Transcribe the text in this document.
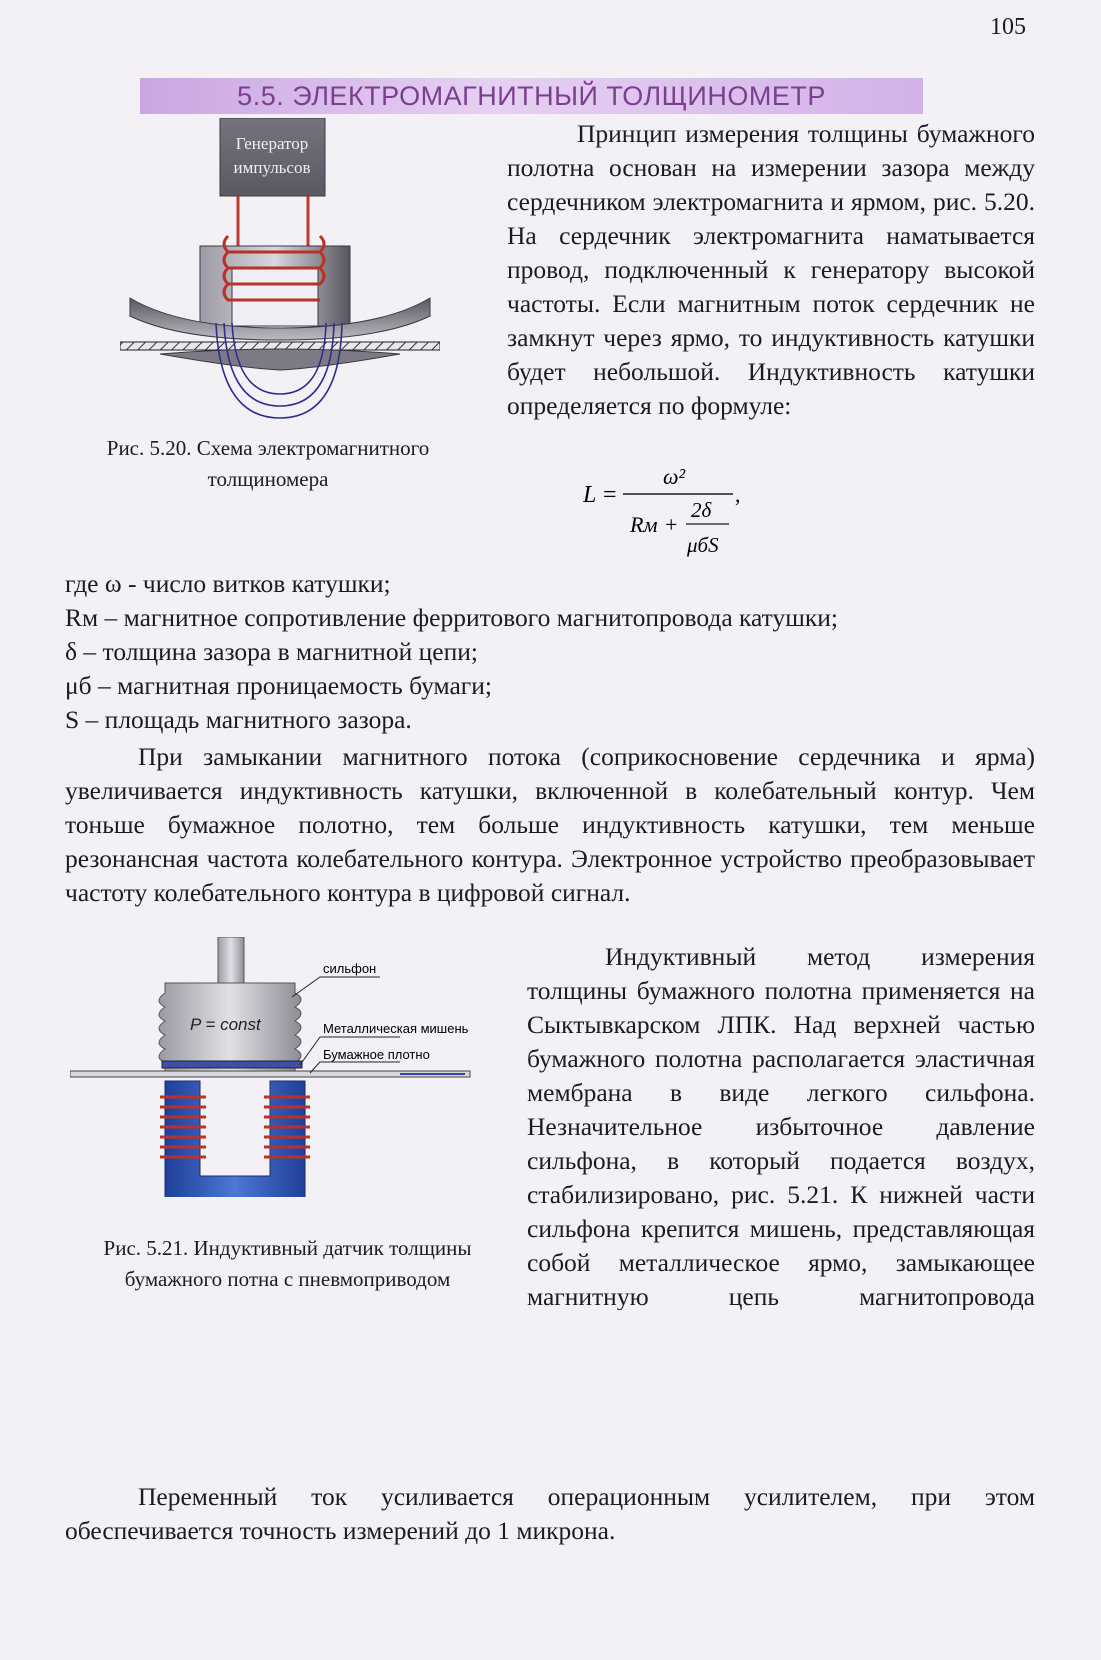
105
5.5. ЭЛЕКТРОМАГНИТНЫЙ ТОЛЩИНОМЕТР
Генератор
импульсов
Рис. 5.20. Схема электромагнитного
толщиномера

Принцип измерения толщины бумажного полотна основан на измерении зазора между сердечником электромагнита и ярмом, рис. 5.20. На сердечник электромагнита наматывается провод, подключенный к генератору высокой частоты. Если магнитным поток сердечник не замкнут через ярмо, то индуктивность катушки будет небольшой. Индуктивность катушки определяется по формуле:

L =
ω²
,
Rм +
2δ
μбS
где ω - число витков катушки;
Rм – магнитное сопротивление ферритового магнитопровода катушки;
δ – толщина зазора в магнитной цепи;
μб – магнитная проницаемость бумаги;
S – площадь магнитного зазора.

При замыкании магнитного потока (соприкосновение сердечника и ярма) увеличивается индуктивность катушки, включенной в колебательный контур. Чем тоньше бумажное полотно, тем больше индуктивность катушки, тем меньше резонансная частота колебательного контура. Электронное устройство преобразовывает частоту колебательного контура в цифровой сигнал.

P = const
сильфон
Металлическая мишень
Бумажное плотно
Рис. 5.21. Индуктивный датчик толщины
бумажного потна с пневмоприводом

Индуктивный метод измерения толщины бумажного полотна применяется на Сыктывкарском ЛПК. Над верхней частью бумажного полотна располагается эластичная мембрана в виде легкого сильфона. Незначительное избыточное давление сильфона, в который подается воздух, стабилизировано, рис. 5.21. К нижней части сильфона крепится мишень, представляющая собой металлическое ярмо, замыкающее магнитную цепь магнитопровода

Переменный ток усиливается операционным усилителем, при этом обеспечивается точность измерений до 1 микрона.
